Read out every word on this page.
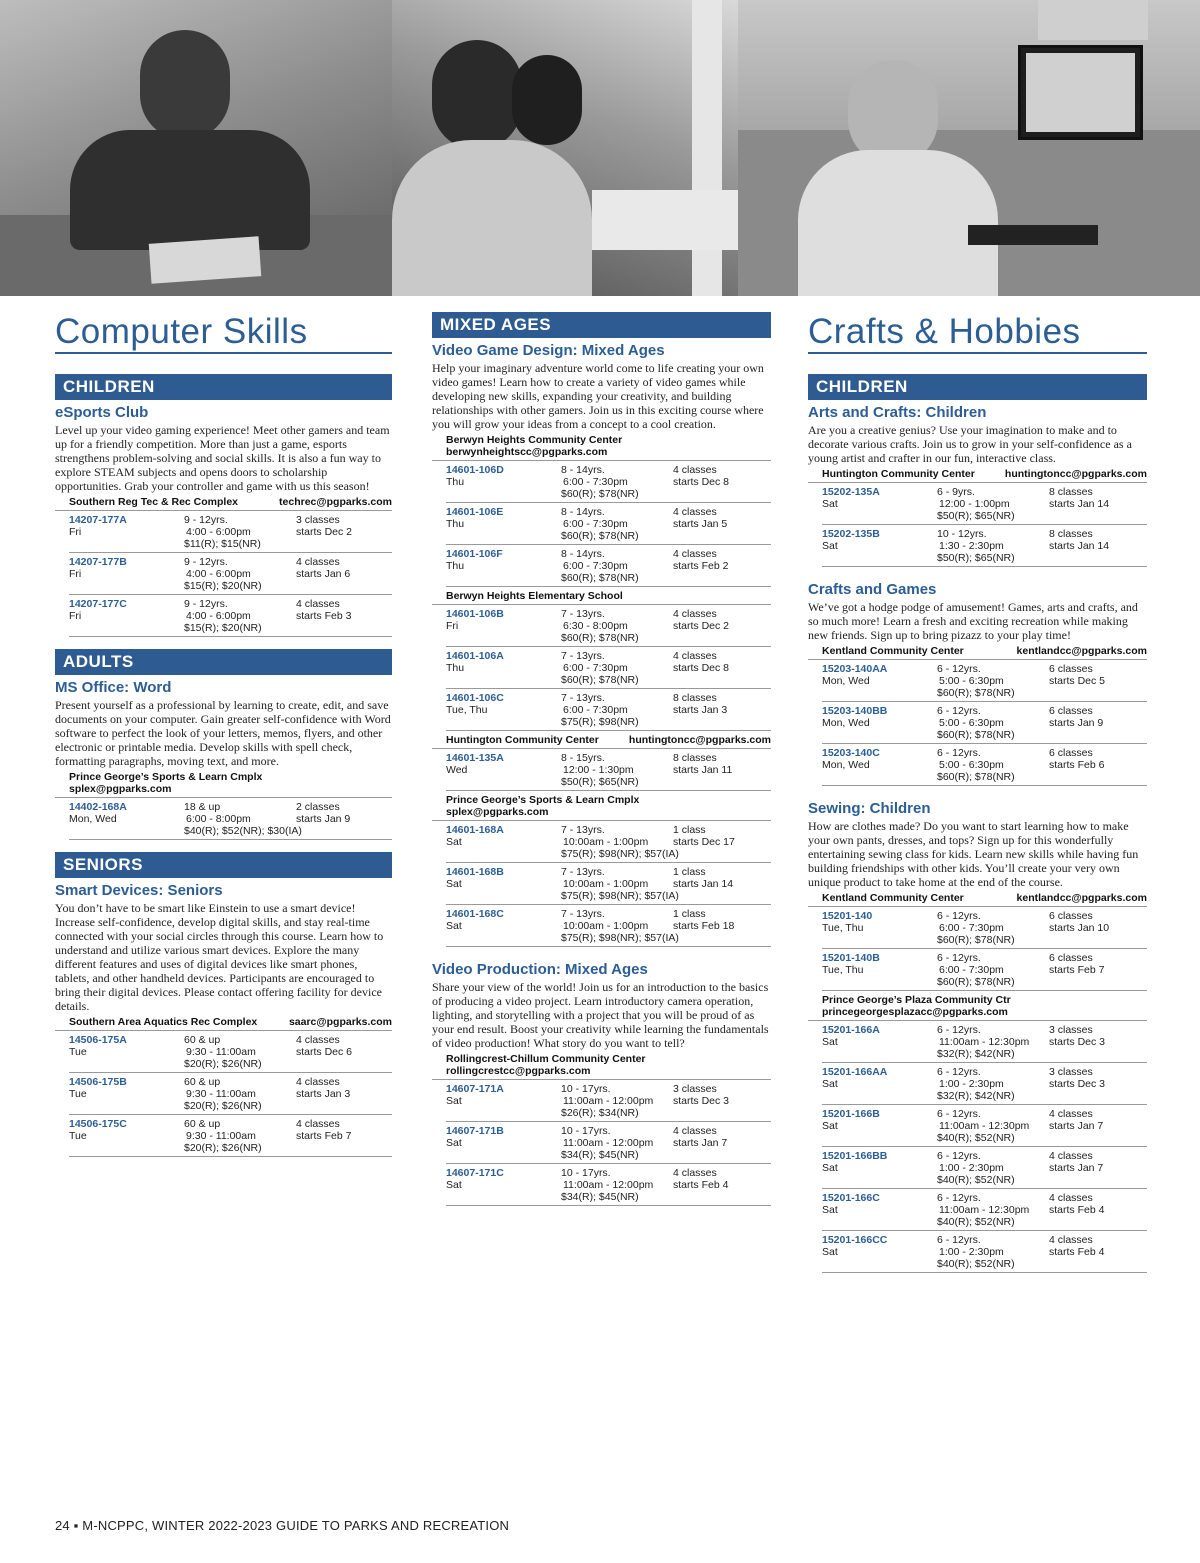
Computer Skills
CHILDREN
eSports Club
Level up your video gaming experience! Meet other gamers and team up for a friendly competition. More than just a game, esports strengthens problem-solving and social skills. It is also a fun way to explore STEAM subjects and opens doors to scholarship opportunities. Grab your controller and game with us this season!
Southern Reg Tec & Rec Complex	techrec@pgparks.com
14207-177A	9 - 12yrs.	3 classes
Fri	4:00 - 6:00pm	starts Dec 2
$11(R); $15(NR)
14207-177B	9 - 12yrs.	4 classes
Fri	4:00 - 6:00pm	starts Jan 6
$15(R); $20(NR)
14207-177C	9 - 12yrs.	4 classes
Fri	4:00 - 6:00pm	starts Feb 3
$15(R); $20(NR)
ADULTS
MS Office: Word
Present yourself as a professional by learning to create, edit, and save documents on your computer. Gain greater self-confidence with Word software to perfect the look of your letters, memos, flyers, and other electronic or printable media. Develop skills with spell check, formatting paragraphs, moving text, and more.
Prince George’s Sports & Learn Cmplx
splex@pgparks.com
14402-168A	18 & up	2 classes
Mon, Wed	6:00 - 8:00pm	starts Jan 9
$40(R); $52(NR); $30(IA)
SENIORS
Smart Devices: Seniors
You don’t have to be smart like Einstein to use a smart device! Increase self-confidence, develop digital skills, and stay real-time connected with your social circles through this course. Learn how to understand and utilize various smart devices. Explore the many different features and uses of digital devices like smart phones, tablets, and other handheld devices. Participants are encouraged to bring their digital devices. Please contact offering facility for device details.
Southern Area Aquatics Rec Complex	saarc@pgparks.com
14506-175A	60 & up	4 classes
Tue	9:30 - 11:00am	starts Dec 6
$20(R); $26(NR)
14506-175B	60 & up	4 classes
Tue	9:30 - 11:00am	starts Jan 3
$20(R); $26(NR)
14506-175C	60 & up	4 classes
Tue	9:30 - 11:00am	starts Feb 7
$20(R); $26(NR)
MIXED AGES
Video Game Design: Mixed Ages
Help your imaginary adventure world come to life creating your own video games! Learn how to create a variety of video games while developing new skills, expanding your creativity, and building relationships with other gamers. Join us in this exciting course where you will grow your ideas from a concept to a cool creation.
Berwyn Heights Community Center
berwynheightscc@pgparks.com
14601-106D	8 - 14yrs.	4 classes
Thu	6:00 - 7:30pm	starts Dec 8
$60(R); $78(NR)
14601-106E	8 - 14yrs.	4 classes
Thu	6:00 - 7:30pm	starts Jan 5
$60(R); $78(NR)
14601-106F	8 - 14yrs.	4 classes
Thu	6:00 - 7:30pm	starts Feb 2
$60(R); $78(NR)
Berwyn Heights Elementary School
14601-106B	7 - 13yrs.	4 classes
Fri	6:30 - 8:00pm	starts Dec 2
$60(R); $78(NR)
14601-106A	7 - 13yrs.	4 classes
Thu	6:00 - 7:30pm	starts Dec 8
$60(R); $78(NR)
14601-106C	7 - 13yrs.	8 classes
Tue, Thu	6:00 - 7:30pm	starts Jan 3
$75(R); $98(NR)
Huntington Community Center	huntingtoncc@pgparks.com
14601-135A	8 - 15yrs.	8 classes
Wed	12:00 - 1:30pm	starts Jan 11
$50(R); $65(NR)
Prince George’s Sports & Learn Cmplx
splex@pgparks.com
14601-168A	7 - 13yrs.	1 class
Sat	10:00am - 1:00pm	starts Dec 17
$75(R); $98(NR); $57(IA)
14601-168B	7 - 13yrs.	1 class
Sat	10:00am - 1:00pm	starts Jan 14
$75(R); $98(NR); $57(IA)
14601-168C	7 - 13yrs.	1 class
Sat	10:00am - 1:00pm	starts Feb 18
$75(R); $98(NR); $57(IA)
Video Production: Mixed Ages
Share your view of the world! Join us for an introduction to the basics of producing a video project. Learn introductory camera operation, lighting, and storytelling with a project that you will be proud of as your end result. Boost your creativity while learning the fundamentals of video production! What story do you want to tell?
Rollingcrest-Chillum Community Center
rollingcrestcc@pgparks.com
14607-171A	10 - 17yrs.	3 classes
Sat	11:00am - 12:00pm	starts Dec 3
$26(R); $34(NR)
14607-171B	10 - 17yrs.	4 classes
Sat	11:00am - 12:00pm	starts Jan 7
$34(R); $45(NR)
14607-171C	10 - 17yrs.	4 classes
Sat	11:00am - 12:00pm	starts Feb 4
$34(R); $45(NR)
Crafts & Hobbies
CHILDREN
Arts and Crafts: Children
Are you a creative genius? Use your imagination to make and to decorate various crafts. Join us to grow in your self-confidence as a young artist and crafter in our fun, interactive class.
Huntington Community Center	huntingtoncc@pgparks.com
15202-135A	6 - 9yrs.	8 classes
Sat	12:00 - 1:00pm	starts Jan 14
$50(R); $65(NR)
15202-135B	10 - 12yrs.	8 classes
Sat	1:30 - 2:30pm	starts Jan 14
$50(R); $65(NR)
Crafts and Games
We’ve got a hodge podge of amusement! Games, arts and crafts, and so much more! Learn a fresh and exciting recreation while making new friends. Sign up to bring pizazz to your play time!
Kentland Community Center	kentlandcc@pgparks.com
15203-140AA	6 - 12yrs.	6 classes
Mon, Wed	5:00 - 6:30pm	starts Dec 5
$60(R); $78(NR)
15203-140BB	6 - 12yrs.	6 classes
Mon, Wed	5:00 - 6:30pm	starts Jan 9
$60(R); $78(NR)
15203-140C	6 - 12yrs.	6 classes
Mon, Wed	5:00 - 6:30pm	starts Feb 6
$60(R); $78(NR)
Sewing: Children
How are clothes made? Do you want to start learning how to make your own pants, dresses, and tops? Sign up for this wonderfully entertaining sewing class for kids. Learn new skills while having fun building friendships with other kids. You’ll create your very own unique product to take home at the end of the course.
Kentland Community Center	kentlandcc@pgparks.com
15201-140	6 - 12yrs.	6 classes
Tue, Thu	6:00 - 7:30pm	starts Jan 10
$60(R); $78(NR)
15201-140B	6 - 12yrs.	6 classes
Tue, Thu	6:00 - 7:30pm	starts Feb 7
$60(R); $78(NR)
Prince George’s Plaza Community Ctr
princegeorgesplazacc@pgparks.com
15201-166A	6 - 12yrs.	3 classes
Sat	11:00am - 12:30pm	starts Dec 3
$32(R); $42(NR)
15201-166AA	6 - 12yrs.	3 classes
Sat	1:00 - 2:30pm	starts Dec 3
$32(R); $42(NR)
15201-166B	6 - 12yrs.	4 classes
Sat	11:00am - 12:30pm	starts Jan 7
$40(R); $52(NR)
15201-166BB	6 - 12yrs.	4 classes
Sat	1:00 - 2:30pm	starts Jan 7
$40(R); $52(NR)
15201-166C	6 - 12yrs.	4 classes
Sat	11:00am - 12:30pm	starts Feb 4
$40(R); $52(NR)
15201-166CC	6 - 12yrs.	4 classes
Sat	1:00 - 2:30pm	starts Feb 4
$40(R); $52(NR)
24 ▪ M-NCPPC, WINTER 2022-2023 GUIDE TO PARKS AND RECREATION
